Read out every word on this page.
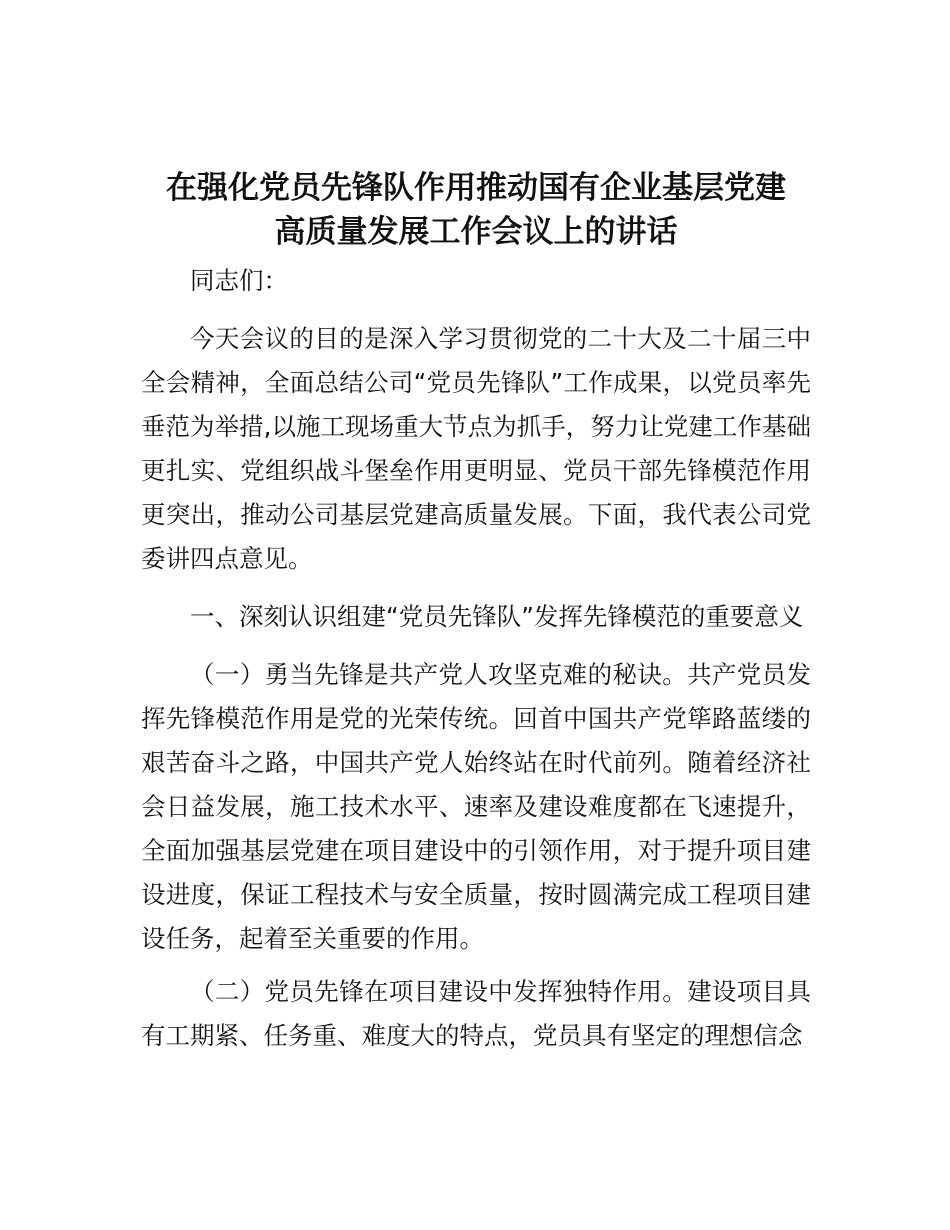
在强化党员先锋队作用推动国有企业基层党建
高质量发展工作会议上的讲话

同志们：

今天会议的目的是深入学习贯彻党的二十大及二十届三中全会精神，全面总结公司“党员先锋队”工作成果，以党员率先垂范为举措,以施工现场重大节点为抓手，努力让党建工作基础更扎实、党组织战斗堡垒作用更明显、党员干部先锋模范作用更突出，推动公司基层党建高质量发展。下面，我代表公司党委讲四点意见。

一、深刻认识组建“党员先锋队”发挥先锋模范的重要意义

（一）勇当先锋是共产党人攻坚克难的秘诀。共产党员发挥先锋模范作用是党的光荣传统。回首中国共产党筚路蓝缕的艰苦奋斗之路，中国共产党人始终站在时代前列。随着经济社会日益发展，施工技术水平、速率及建设难度都在飞速提升，全面加强基层党建在项目建设中的引领作用，对于提升项目建设进度，保证工程技术与安全质量，按时圆满完成工程项目建设任务，起着至关重要的作用。

（二）党员先锋在项目建设中发挥独特作用。建设项目具有工期紧、任务重、难度大的特点，党员具有坚定的理想信念
